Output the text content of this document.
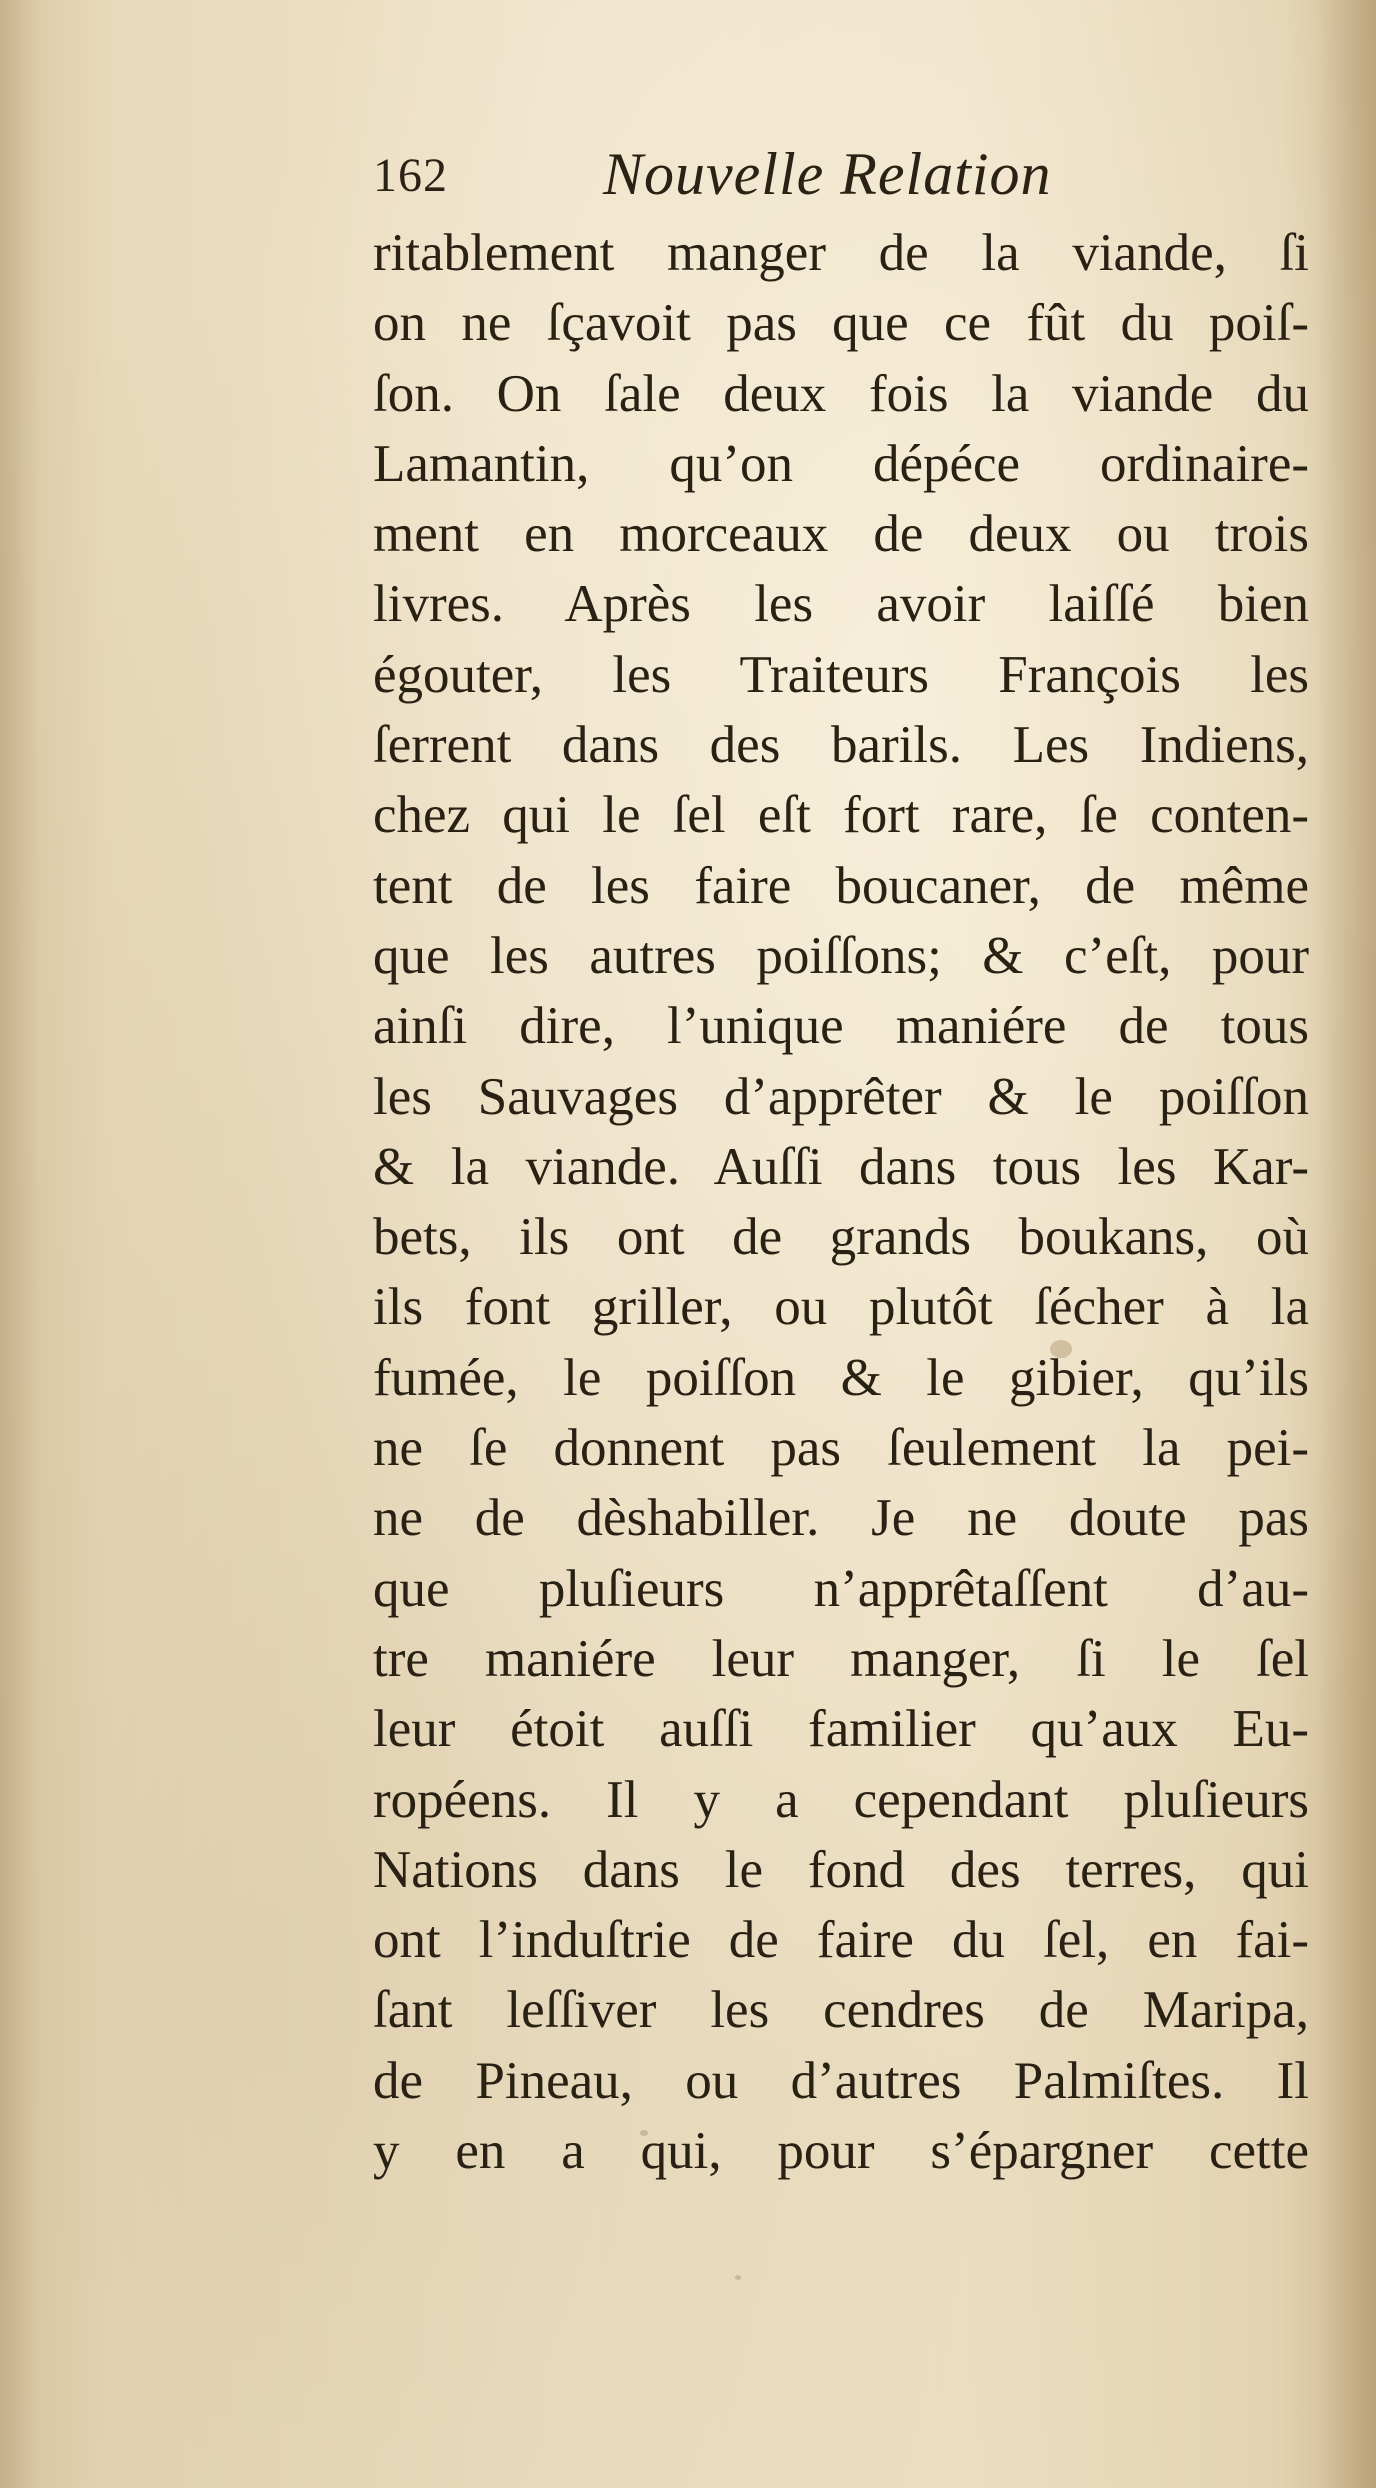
162	Nouvelle Relation
ritablement manger de la viande, ſi
on ne ſçavoit pas que ce fût du poiſ-
ſon. On ſale deux fois la viande du
Lamantin, qu’on dépéce ordinaire-
ment en morceaux de deux ou trois
livres. Après les avoir laiſſé bien
égouter, les Traiteurs François les
ſerrent dans des barils. Les Indiens,
chez qui le ſel eſt fort rare, ſe conten-
tent de les faire boucaner, de même
que les autres poiſſons; & c’eſt, pour
ainſi dire, l’unique maniére de tous
les Sauvages d’apprêter & le poiſſon
& la viande. Auſſi dans tous les Kar-
bets, ils ont de grands boukans, où
ils font griller, ou plutôt ſécher à la
fumée, le poiſſon & le gibier, qu’ils
ne ſe donnent pas ſeulement la pei-
ne de dèshabiller. Je ne doute pas
que pluſieurs n’apprêtaſſent d’au-
tre maniére leur manger, ſi le ſel
leur étoit auſſi familier qu’aux Eu-
ropéens. Il y a cependant pluſieurs
Nations dans le fond des terres, qui
ont l’induſtrie de faire du ſel, en fai-
ſant leſſiver les cendres de Maripa,
de Pineau, ou d’autres Palmiſtes. Il
y en a qui, pour s’épargner cette
